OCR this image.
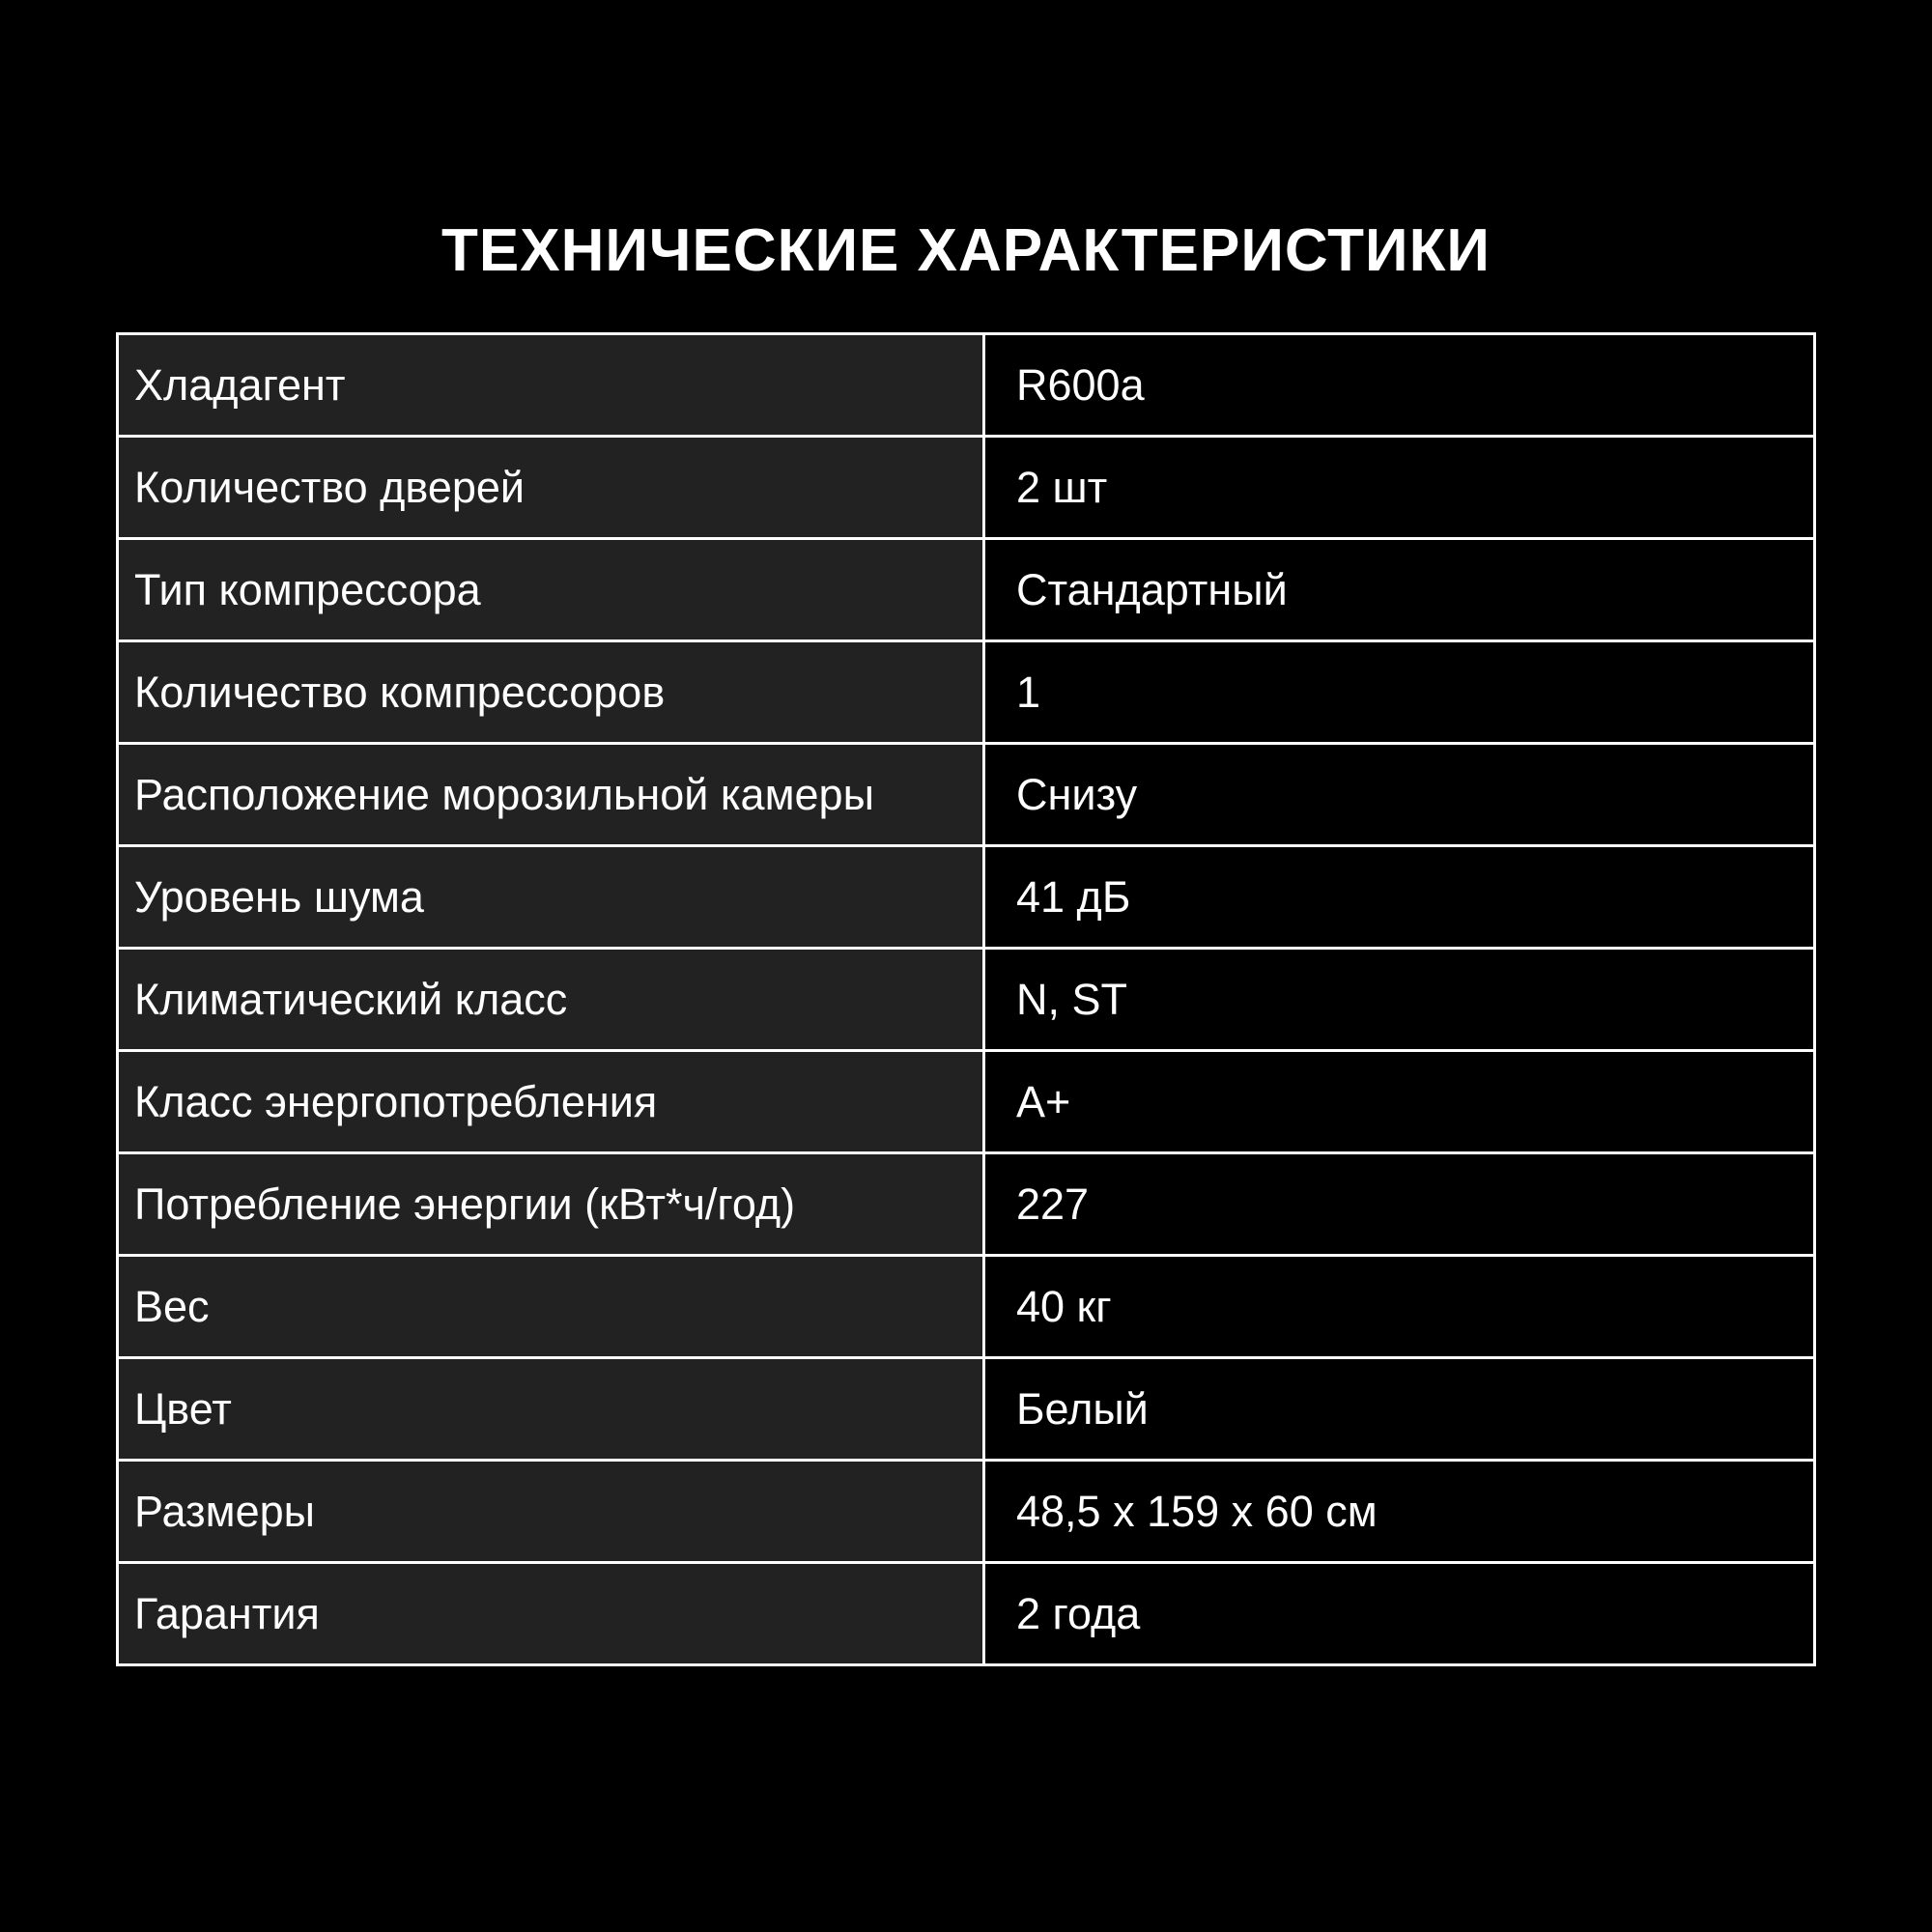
ТЕХНИЧЕСКИЕ ХАРАКТЕРИСТИКИ
Хладагент	R600a
Количество дверей	2 шт
Тип компрессора	Стандартный
Количество компрессоров	1
Расположение морозильной камеры	Снизу
Уровень шума	41 дБ
Климатический класс	N, ST
Класс энергопотребления	A+
Потребление энергии (кВт*ч/год)	227
Вес	40 кг
Цвет	Белый
Размеры	48,5 x 159 x 60 см
Гарантия	2 года
